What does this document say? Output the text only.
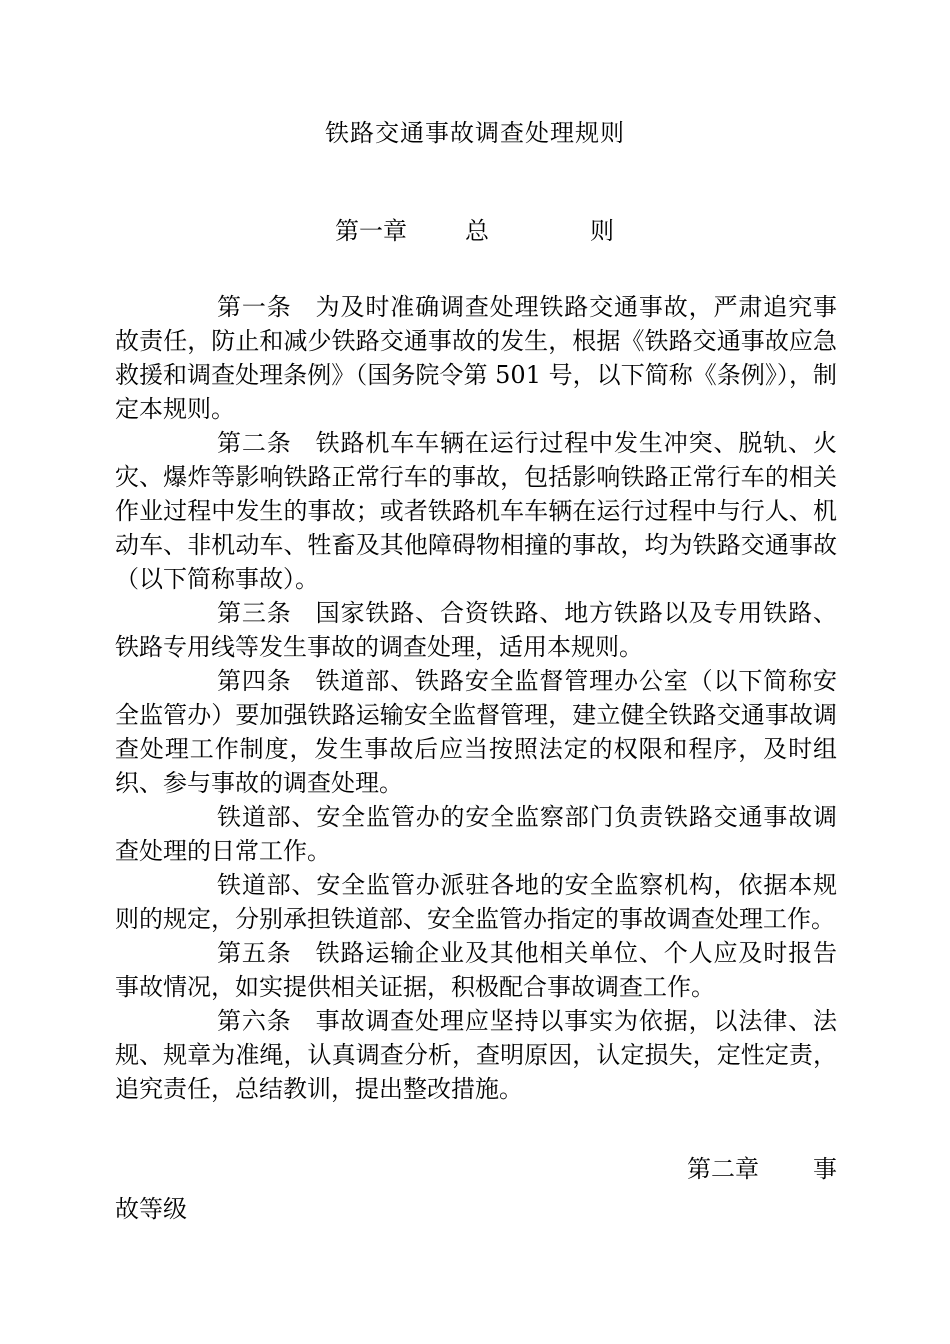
铁路交通事故调查处理规则
第一章 总	则

第一条 为及时准确调查处理铁路交通事故，严肃追究事故责任，防止和减少铁路交通事故的发生，根据《铁路交通事故应急救援和调查处理条例》（国务院令第 501 号，以下简称《条例》），制定本规则。

第二条 铁路机车车辆在运行过程中发生冲突、脱轨、火灾、爆炸等影响铁路正常行车的事故，包括影响铁路正常行车的相关作业过程中发生的事故；或者铁路机车车辆在运行过程中与行人、机动车、非机动车、牲畜及其他障碍物相撞的事故，均为铁路交通事故（以下简称事故）。

第三条 国家铁路、合资铁路、地方铁路以及专用铁路、铁路专用线等发生事故的调查处理，适用本规则。

第四条 铁道部、铁路安全监督管理办公室（以下简称安全监管办）要加强铁路运输安全监督管理，建立健全铁路交通事故调查处理工作制度，发生事故后应当按照法定的权限和程序，及时组织、参与事故的调查处理。

铁道部、安全监管办的安全监察部门负责铁路交通事故调查处理的日常工作。

铁道部、安全监管办派驻各地的安全监察机构，依据本规则的规定，分别承担铁道部、安全监管办指定的事故调查处理工作。

第五条 铁路运输企业及其他相关单位、个人应及时报告事故情况，如实提供相关证据，积极配合事故调查工作。

第六条 事故调查处理应坚持以事实为依据，以法律、法规、规章为准绳，认真调查分析，查明原因，认定损失，定性定责，追究责任，总结教训，提出整改措施。

第二章 事
故等级
